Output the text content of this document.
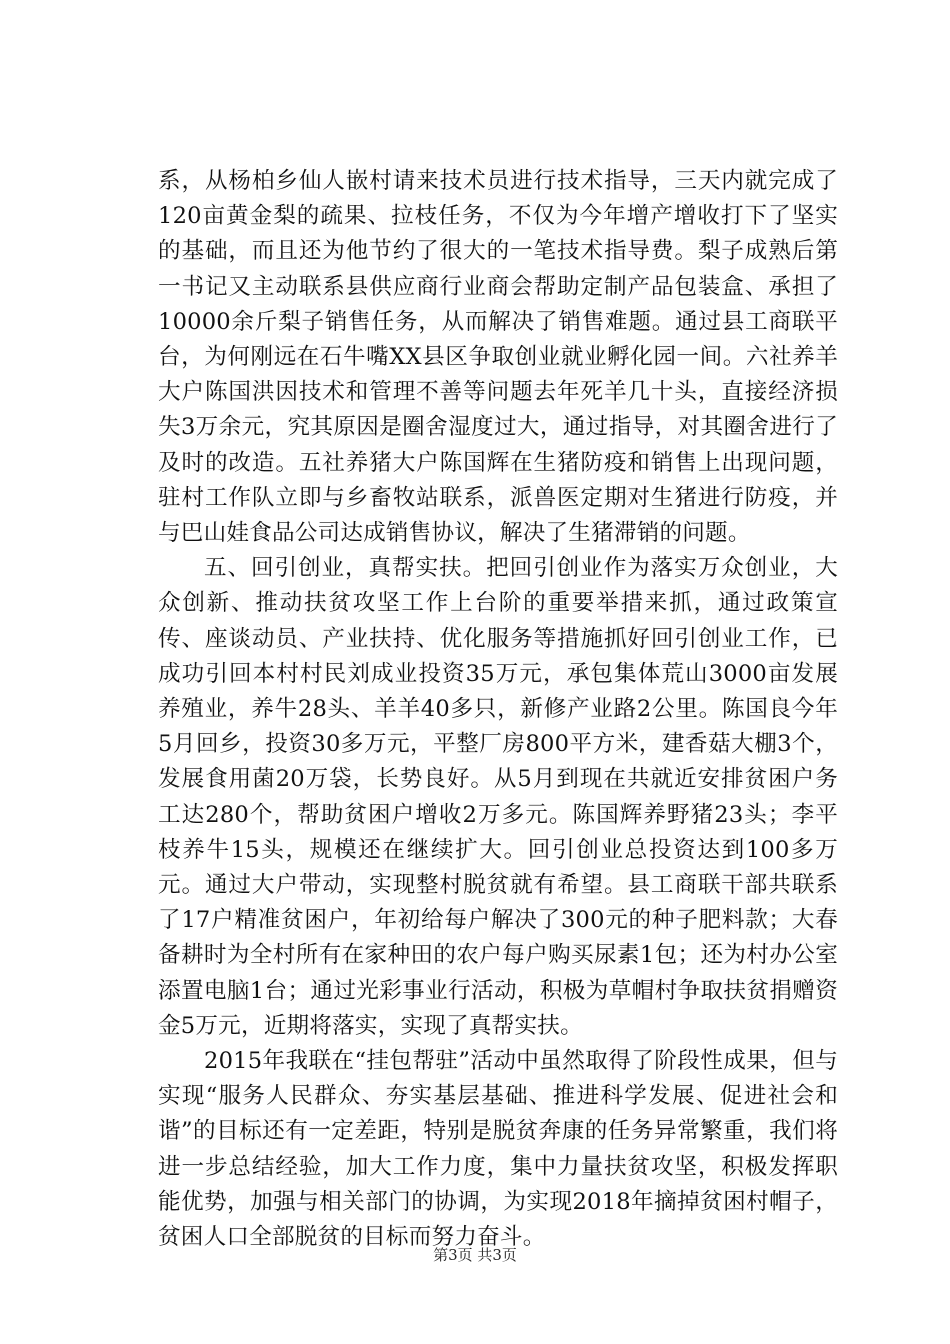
系，从杨柏乡仙人嵌村请来技术员进行技术指导，三天内就完成了120亩黄金梨的疏果、拉枝任务，不仅为今年增产增收打下了坚实的基础，而且还为他节约了很大的一笔技术指导费。梨子成熟后第一书记又主动联系县供应商行业商会帮助定制产品包装盒、承担了10000余斤梨子销售任务，从而解决了销售难题。通过县工商联平台，为何刚远在石牛嘴XX县区争取创业就业孵化园一间。六社养羊大户陈国洪因技术和管理不善等问题去年死羊几十头，直接经济损失3万余元，究其原因是圈舍湿度过大，通过指导，对其圈舍进行了及时的改造。五社养猪大户陈国辉在生猪防疫和销售上出现问题，驻村工作队立即与乡畜牧站联系，派兽医定期对生猪进行防疫，并与巴山娃食品公司达成销售协议，解决了生猪滞销的问题。

五、回引创业，真帮实扶。把回引创业作为落实万众创业，大众创新、推动扶贫攻坚工作上台阶的重要举措来抓，通过政策宣传、座谈动员、产业扶持、优化服务等措施抓好回引创业工作，已成功引回本村村民刘成业投资35万元，承包集体荒山3000亩发展养殖业，养牛28头、羊羊40多只，新修产业路2公里。陈国良今年5月回乡，投资30多万元，平整厂房800平方米，建香菇大棚3个，发展食用菌20万袋，长势良好。从5月到现在共就近安排贫困户务工达280个，帮助贫困户增收2万多元。陈国辉养野猪23头；李平枝养牛15头，规模还在继续扩大。回引创业总投资达到100多万元。通过大户带动，实现整村脱贫就有希望。县工商联干部共联系了17户精准贫困户，年初给每户解决了300元的种子肥料款；大春备耕时为全村所有在家种田的农户每户购买尿素1包；还为村办公室添置电脑1台；通过光彩事业行活动，积极为草帽村争取扶贫捐赠资金5万元，近期将落实，实现了真帮实扶。

2015年我联在“挂包帮驻”活动中虽然取得了阶段性成果，但与实现“服务人民群众、夯实基层基础、推进科学发展、促进社会和谐”的目标还有一定差距，特别是脱贫奔康的任务异常繁重，我们将进一步总结经验，加大工作力度，集中力量扶贫攻坚，积极发挥职能优势，加强与相关部门的协调，为实现2018年摘掉贫困村帽子，贫困人口全部脱贫的目标而努力奋斗。

第3页 共3页
